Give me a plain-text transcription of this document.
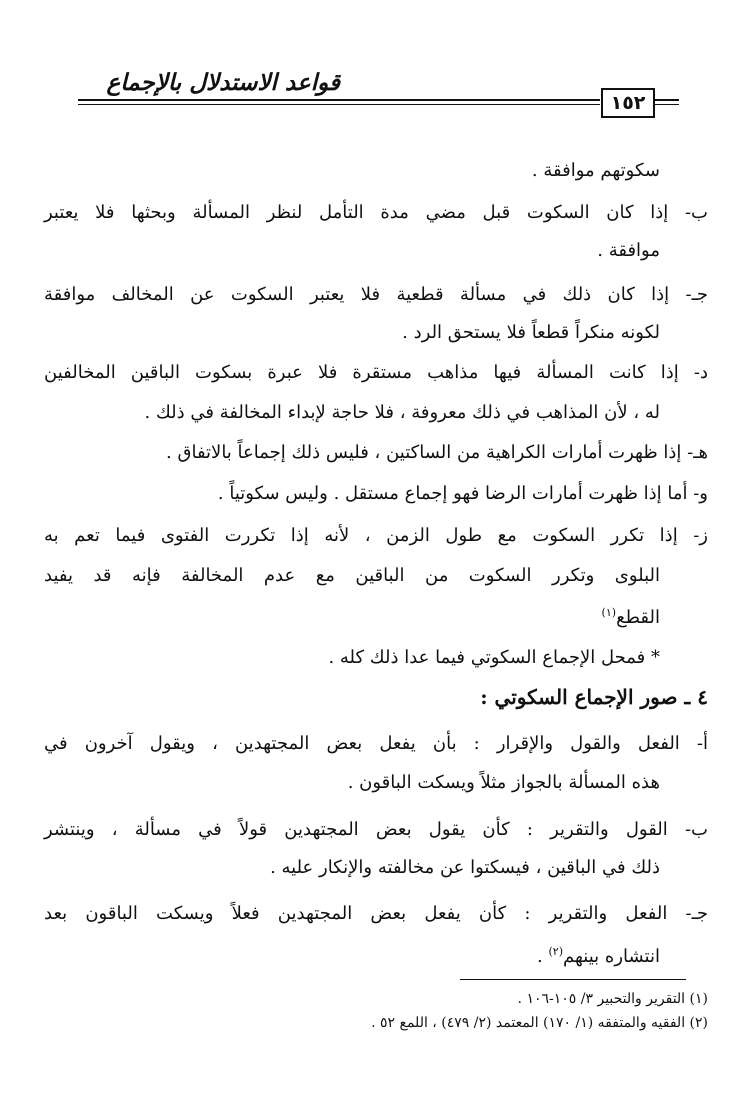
قواعد الاستدلال بالإجماع
١٥٢
سكوتهم موافقة .
ب- إذا كان السكوت قبل مضي مدة التأمل لنظر المسألة وبحثها فلا يعتبر
موافقة .
جـ- إذا كان ذلك في مسألة قطعية فلا يعتبر السكوت عن المخالف موافقة
لكونه منكراً قطعاً فلا يستحق الرد .
د- إذا كانت المسألة فيها مذاهب مستقرة فلا عبرة بسكوت الباقين المخالفين
له ، لأن المذاهب في ذلك معروفة ، فلا حاجة لإبداء المخالفة في ذلك .
هـ- إذا ظهرت أمارات الكراهية من الساكتين ، فليس ذلك إجماعاً بالاتفاق .
و- أما إذا ظهرت أمارات الرضا فهو إجماع مستقل . وليس سكوتياً .
ز- إذا تكرر السكوت مع طول الزمن ، لأنه إذا تكررت الفتوى فيما تعم به
البلوى وتكرر السكوت من الباقين مع عدم المخالفة فإنه قد يفيد
القطع$^{(١)}$
* فمحل الإجماع السكوتي فيما عدا ذلك كله .
٤ ـ صور الإجماع السكوتي :
أ- الفعل والقول والإقرار : بأن يفعل بعض المجتهدين ، ويقول آخرون في
هذه المسألة بالجواز مثلاً ويسكت الباقون .
ب- القول والتقرير : كأن يقول بعض المجتهدين قولاً في مسألة ، وينتشر
ذلك في الباقين ، فيسكتوا عن مخالفته والإنكار عليه .
جـ- الفعل والتقرير : كأن يفعل بعض المجتهدين فعلاً ويسكت الباقون بعد
انتشاره بينهم$^{(٢)}$ .
(١) التقرير والتحبير ٣/ ١٠٥-١٠٦ .
(٢) الفقيه والمتفقه (١/ ١٧٠) المعتمد (٢/ ٤٧٩) ، اللمع ٥٢ .
